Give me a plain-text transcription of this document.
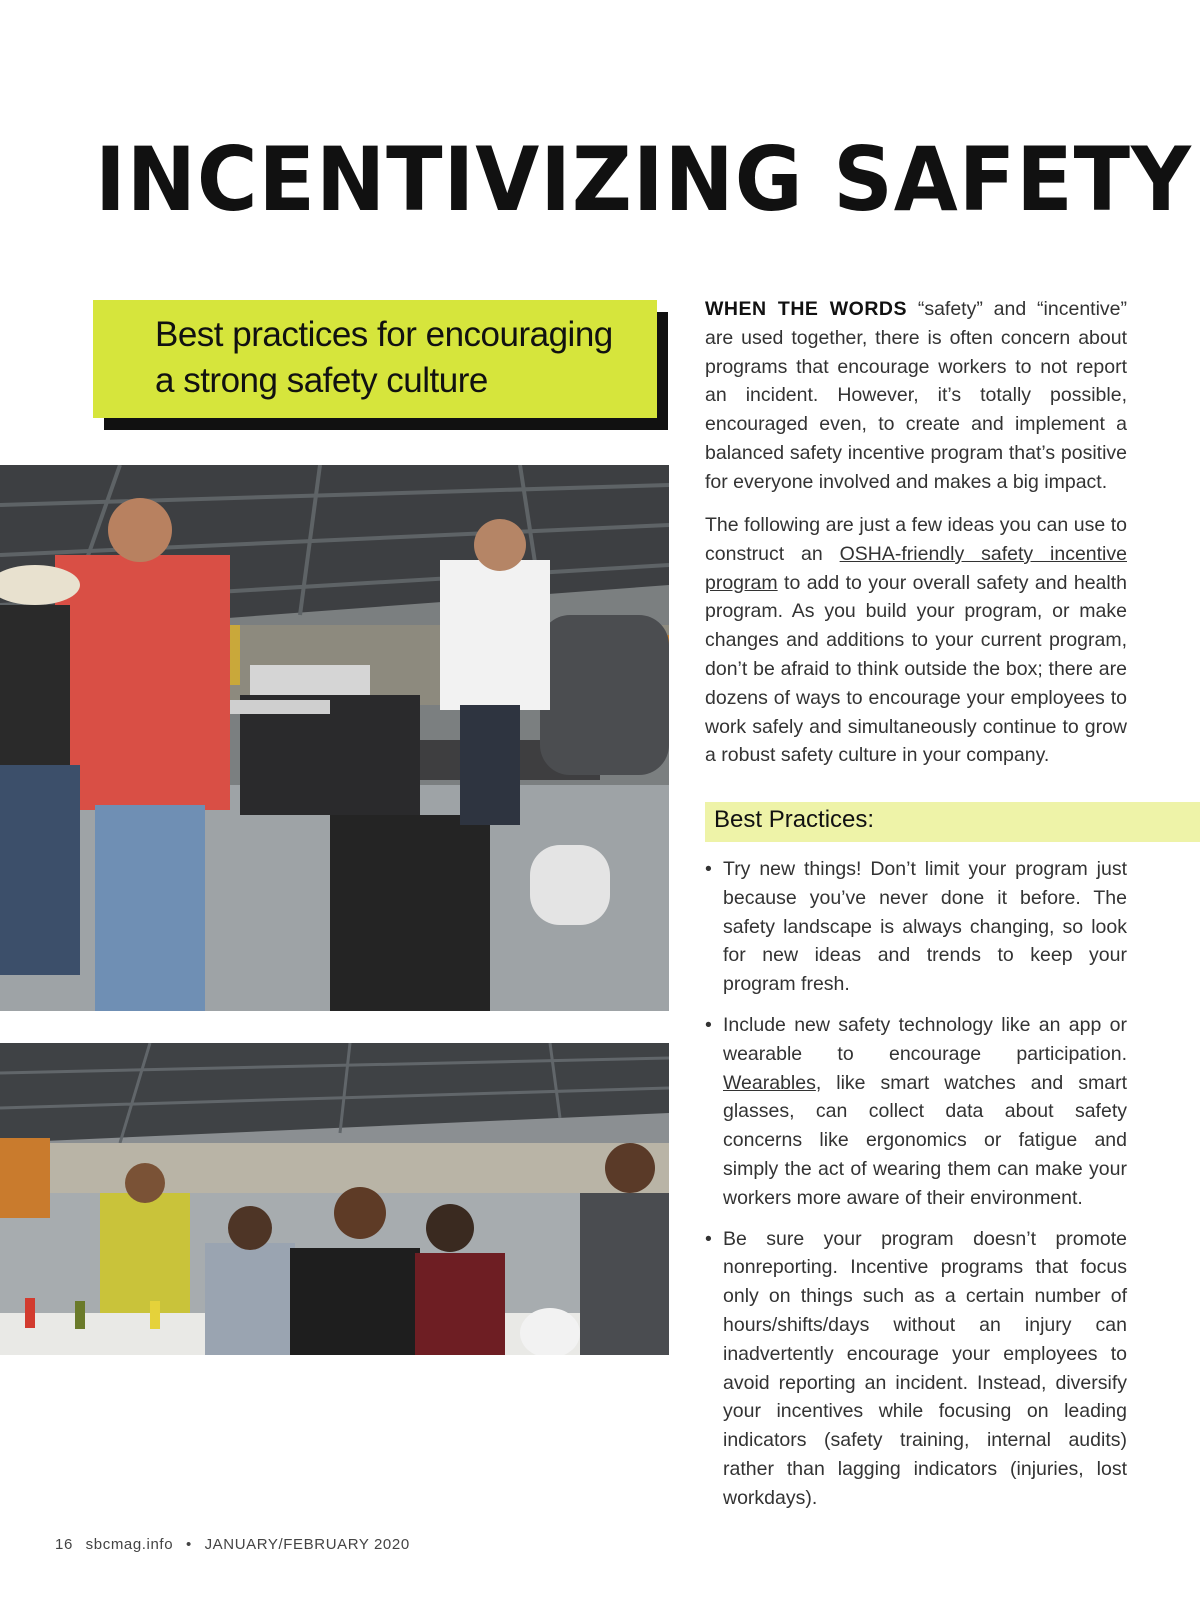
INCENTIVIZING SAFETY
Best practices for encouraging
a strong safety culture

WHEN THE WORDS “safety” and “incentive” are used together, there is often concern about programs that encourage workers to not report an incident. However, it’s totally possible, encouraged even, to create and implement a balanced safety incentive program that’s positive for everyone involved and makes a big impact.

The following are just a few ideas you can use to construct an OSHA-friendly safety incentive program to add to your overall safety and health program. As you build your program, or make changes and additions to your current program, don’t be afraid to think outside the box; there are dozens of ways to encourage your employees to work safely and simultaneously continue to grow a robust safety culture in your company.

Best Practices:
• Try new things! Don’t limit your program just because you’ve never done it before. The safety landscape is always changing, so look for new ideas and trends to keep your program fresh.
• Include new safety technology like an app or wearable to encourage participation. Wearables, like smart watches and smart glasses, can collect data about safety concerns like ergonomics or fatigue and simply the act of wearing them can make your workers more aware of their environment.
• Be sure your program doesn’t promote nonreporting. Incentive programs that focus only on things such as a certain number of hours/shifts/days without an injury can inadvertently encourage your employees to avoid reporting an incident. Instead, diversify your incentives while focusing on leading indicators (safety training, internal audits) rather than lagging indicators (injuries, lost workdays).
16 sbcmag.info • JANUARY/FEBRUARY 2020
